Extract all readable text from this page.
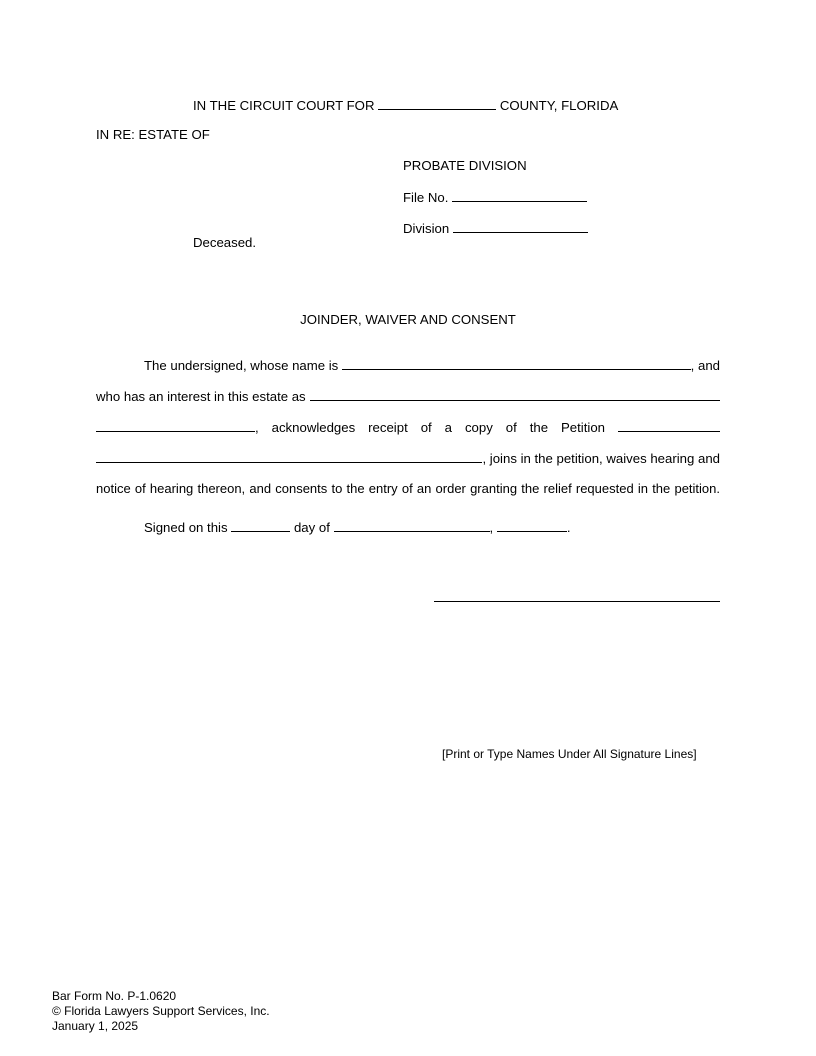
IN THE CIRCUIT COURT FOR	COUNTY, FLORIDA
IN RE: ESTATE OF
PROBATE DIVISION
File No.
Division
Deceased.
JOINDER, WAIVER AND CONSENT
The undersigned, whose name is	, and
who has an interest in this estate as
, acknowledges receipt of a copy of the Petition
, joins in the petition, waives hearing and
notice of hearing thereon, and consents to the entry of an order granting the relief requested in the petition.
Signed on this	day of	,	.
[Print or Type Names Under All Signature Lines]
Bar Form No. P-1.0620
© Florida Lawyers Support Services, Inc.
January 1, 2025
